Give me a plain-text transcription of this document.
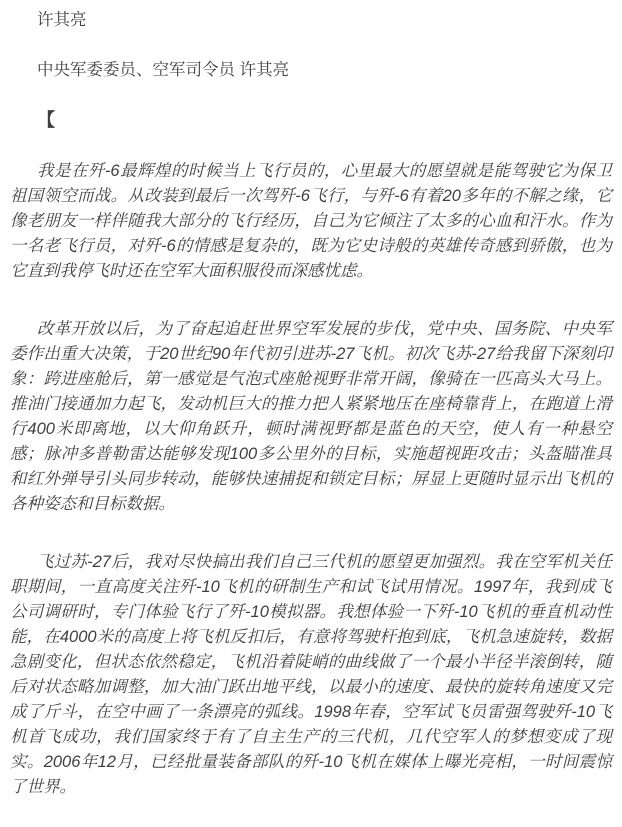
许其亮

中央军委委员、空军司令员 许其亮

【

我是在歼-6最辉煌的时候当上飞行员的，心里最大的愿望就是能驾驶它为保卫祖国领空而战。从改装到最后一次驾歼-6飞行，与歼-6有着20多年的不解之缘，它像老朋友一样伴随我大部分的飞行经历，自己为它倾注了太多的心血和汗水。作为一名老飞行员，对歼-6的情感是复杂的，既为它史诗般的英雄传奇感到骄傲，也为它直到我停飞时还在空军大面积服役而深感忧虑。

改革开放以后，为了奋起追赶世界空军发展的步伐，党中央、国务院、中央军委作出重大决策，于20世纪90年代初引进苏-27飞机。初次飞苏-27给我留下深刻印象：跨进座舱后，第一感觉是气泡式座舱视野非常开阔，像骑在一匹高头大马上。推油门接通加力起飞，发动机巨大的推力把人紧紧地压在座椅靠背上，在跑道上滑行400米即离地，以大仰角跃升，顿时满视野都是蓝色的天空，使人有一种悬空感；脉冲多普勒雷达能够发现100多公里外的目标，实施超视距攻击；头盔瞄准具和红外弹导引头同步转动，能够快速捕捉和锁定目标；屏显上更随时显示出飞机的各种姿态和目标数据。

飞过苏-27后，我对尽快搞出我们自己三代机的愿望更加强烈。我在空军机关任职期间，一直高度关注歼-10飞机的研制生产和试飞试用情况。1997年，我到成飞公司调研时，专门体验飞行了歼-10模拟器。我想体验一下歼-10飞机的垂直机动性能，在4000米的高度上将飞机反扣后，有意将驾驶杆抱到底，飞机急速旋转，数据急剧变化，但状态依然稳定，飞机沿着陡峭的曲线做了一个最小半径半滚倒转，随后对状态略加调整，加大油门跃出地平线，以最小的速度、最快的旋转角速度又完成了斤斗，在空中画了一条漂亮的弧线。1998年春，空军试飞员雷强驾驶歼-10飞机首飞成功，我们国家终于有了自主生产的三代机，几代空军人的梦想变成了现实。2006年12月，已经批量装备部队的歼-10飞机在媒体上曝光亮相，一时间震惊了世界。
